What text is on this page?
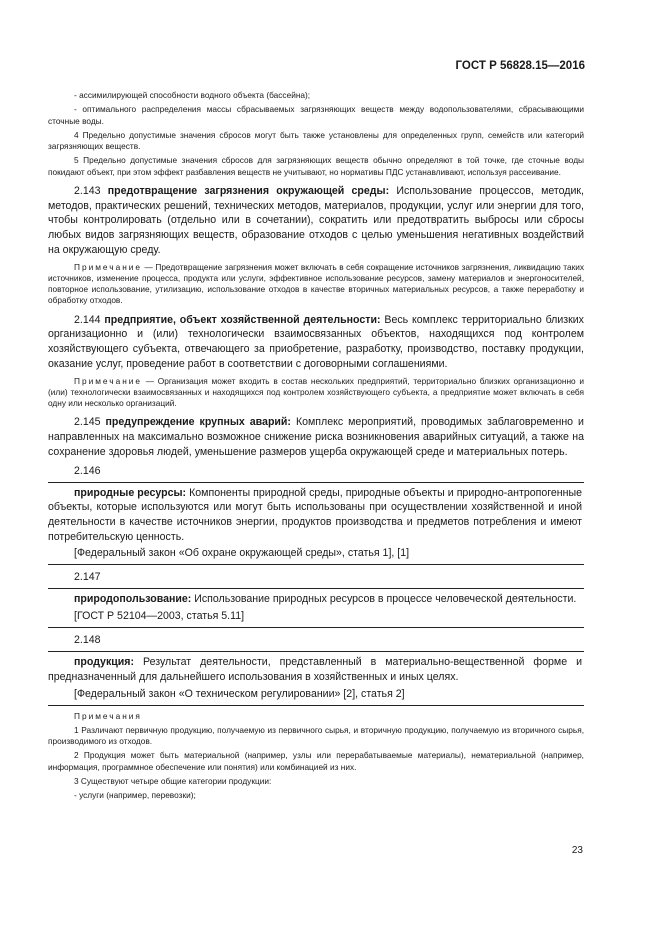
ГОСТ Р 56828.15—2016

- ассимилирующей способности водного объекта (бассейна);

- оптимального распределения массы сбрасываемых загрязняющих веществ между водопользователями, сбрасывающими сточные воды.

4 Предельно допустимые значения сбросов могут быть также установлены для определенных групп, семейств или категорий загрязняющих веществ.

5 Предельно допустимые значения сбросов для загрязняющих веществ обычно определяют в той точке, где сточные воды покидают объект, при этом эффект разбавления веществ не учитывают, но нормативы ПДС устанавливают, используя рассеивание.

2.143 предотвращение загрязнения окружающей среды: Использование процессов, методик, методов, практических решений, технических методов, материалов, продукции, услуг или энергии для того, чтобы контролировать (отдельно или в сочетании), сократить или предотвратить выбросы или сбросы любых видов загрязняющих веществ, образование отходов с целью уменьшения негативных воздействий на окружающую среду.

Примечание — Предотвращение загрязнения может включать в себя сокращение источников загрязнения, ликвидацию таких источников, изменение процесса, продукта или услуги, эффективное использование ресурсов, замену материалов и энергоносителей, повторное использование, утилизацию, использование отходов в качестве вторичных материальных ресурсов, а также переработку и обработку отходов.

2.144 предприятие, объект хозяйственной деятельности: Весь комплекс территориально близких организационно и (или) технологически взаимосвязанных объектов, находящихся под контролем хозяйствующего субъекта, отвечающего за приобретение, разработку, производство, поставку продукции, оказание услуг, проведение работ в соответствии с договорными соглашениями.

Примечание — Организация может входить в состав нескольких предприятий, территориально близких организационно и (или) технологически взаимосвязанных и находящихся под контролем хозяйствующего субъекта, а предприятие может включать в себя одну или несколько организаций.

2.145 предупреждение крупных аварий: Комплекс мероприятий, проводимых заблаговременно и направленных на максимально возможное снижение риска возникновения аварийных ситуаций, а также на сохранение здоровья людей, уменьшение размеров ущерба окружающей среде и материальных потерь.

2.146

природные ресурсы: Компоненты природной среды, природные объекты и природно-антропогенные объекты, которые используются или могут быть использованы при осуществлении хозяйственной и иной деятельности в качестве источников энергии, продуктов производства и предметов потребления и имеют потребительскую ценность.

[Федеральный закон «Об охране окружающей среды», статья 1], [1]

2.147

природопользование: Использование природных ресурсов в процессе человеческой деятельности.

[ГОСТ Р 52104—2003, статья 5.11]

2.148

продукция: Результат деятельности, представленный в материально-вещественной форме и предназначенный для дальнейшего использования в хозяйственных и иных целях.

[Федеральный закон «О техническом регулировании» [2], статья 2]

Примечания

1 Различают первичную продукцию, получаемую из первичного сырья, и вторичную продукцию, получаемую из вторичного сырья, производимого из отходов.

2 Продукция может быть материальной (например, узлы или перерабатываемые материалы), нематериальной (например, информация, программное обеспечение или понятия) или комбинацией из них.

3 Существуют четыре общие категории продукции:

- услуги (например, перевозки);

23
